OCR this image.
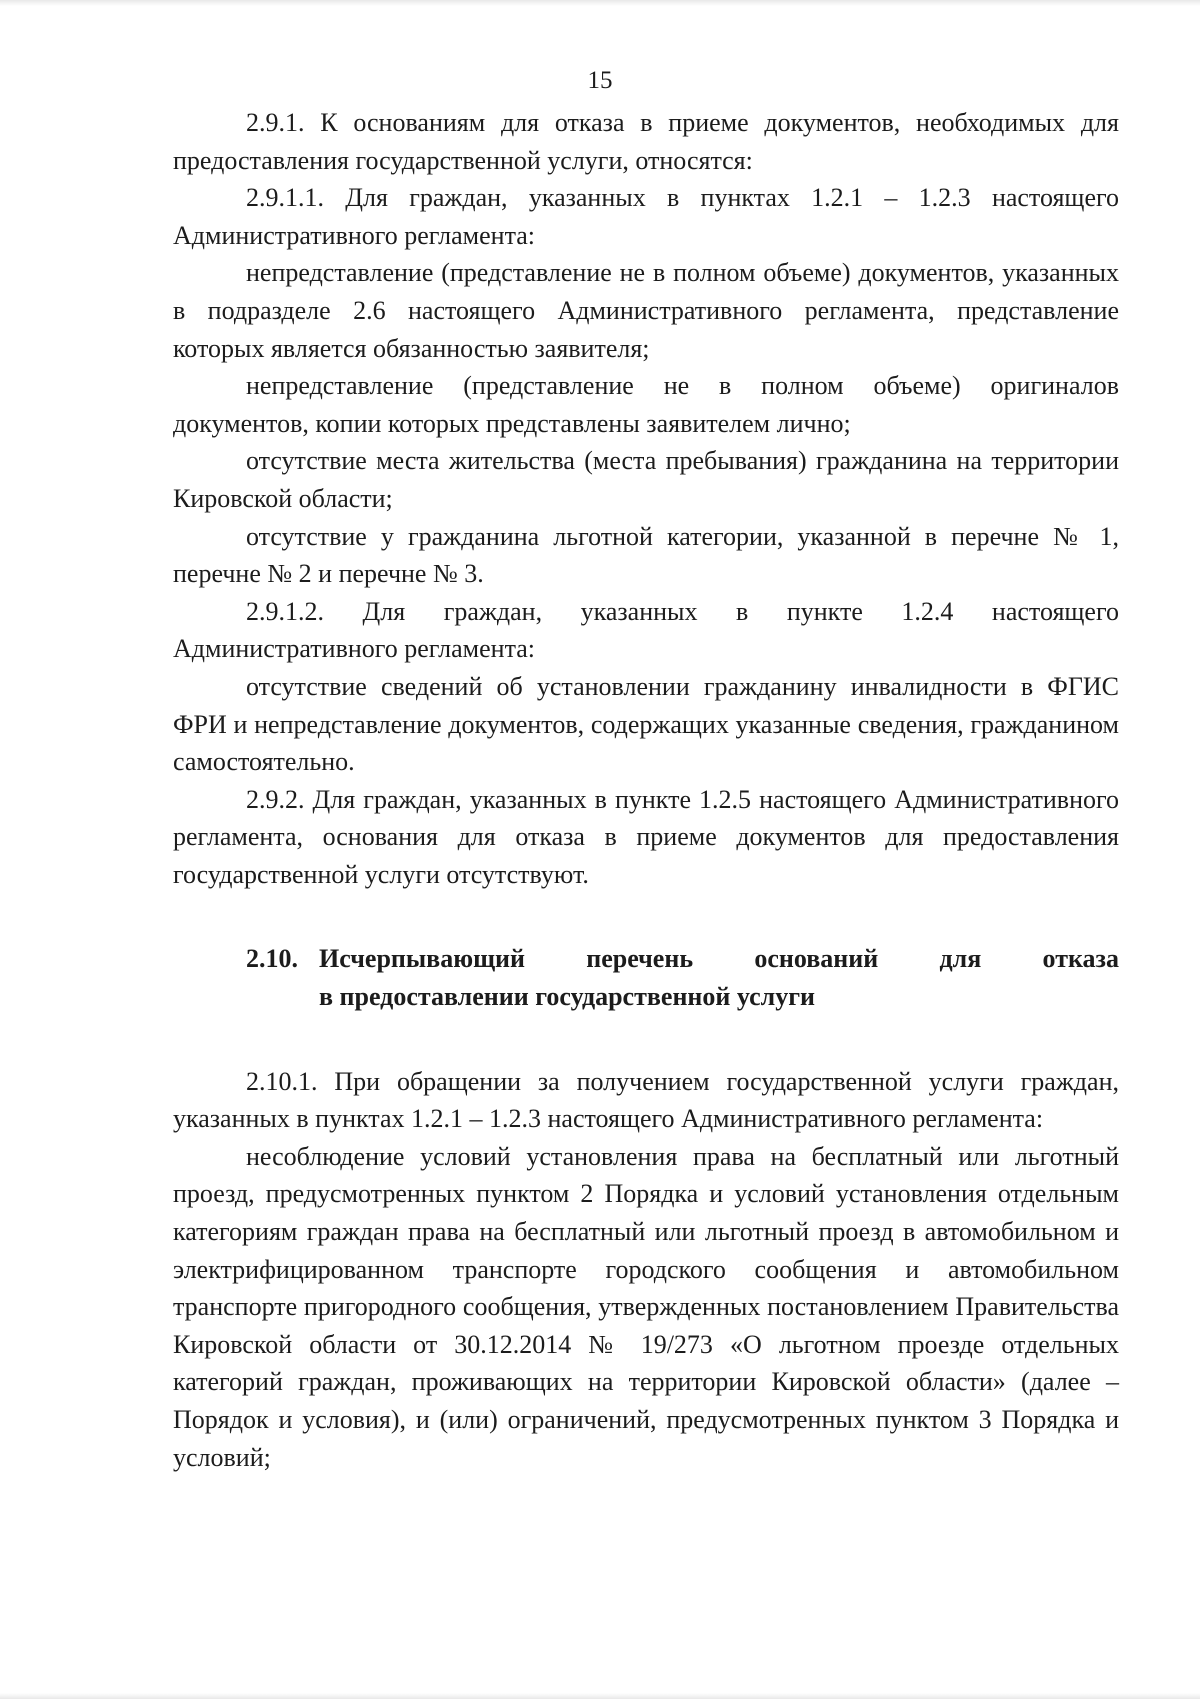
15

2.9.1. К основаниям для отказа в приеме документов, необходимых для предоставления государственной услуги, относятся:

2.9.1.1. Для граждан, указанных в пунктах 1.2.1 – 1.2.3 настоящего Административного регламента:

непредставление (представление не в полном объеме) документов, указанных в подразделе 2.6 настоящего Административного регламента, представление которых является обязанностью заявителя;

непредставление (представление не в полном объеме) оригиналов документов, копии которых представлены заявителем лично;

отсутствие места жительства (места пребывания) гражданина на территории Кировской области;

отсутствие у гражданина льготной категории, указанной в перечне № 1, перечне № 2 и перечне № 3.

2.9.1.2. Для граждан, указанных в пункте 1.2.4 настоящего Административного регламента:

отсутствие сведений об установлении гражданину инвалидности в ФГИС ФРИ и непредставление документов, содержащих указанные сведения, гражданином самостоятельно.

2.9.2. Для граждан, указанных в пункте 1.2.5 настоящего Административного регламента, основания для отказа в приеме документов для предоставления государственной услуги отсутствуют.

2.10. Исчерпывающий перечень оснований для отказа
в предоставлении государственной услуги

2.10.1. При обращении за получением государственной услуги граждан, указанных в пунктах 1.2.1 – 1.2.3 настоящего Административного регламента:

несоблюдение условий установления права на бесплатный или льготный проезд, предусмотренных пунктом 2 Порядка и условий установления отдельным категориям граждан права на бесплатный или льготный проезд в автомобильном и электрифицированном транспорте городского сообщения и автомобильном транспорте пригородного сообщения, утвержденных постановлением Правительства Кировской области от 30.12.2014 № 19/273 «О льготном проезде отдельных категорий граждан, проживающих на территории Кировской области» (далее – Порядок и условия), и (или) ограничений, предусмотренных пунктом 3 Порядка и условий;
